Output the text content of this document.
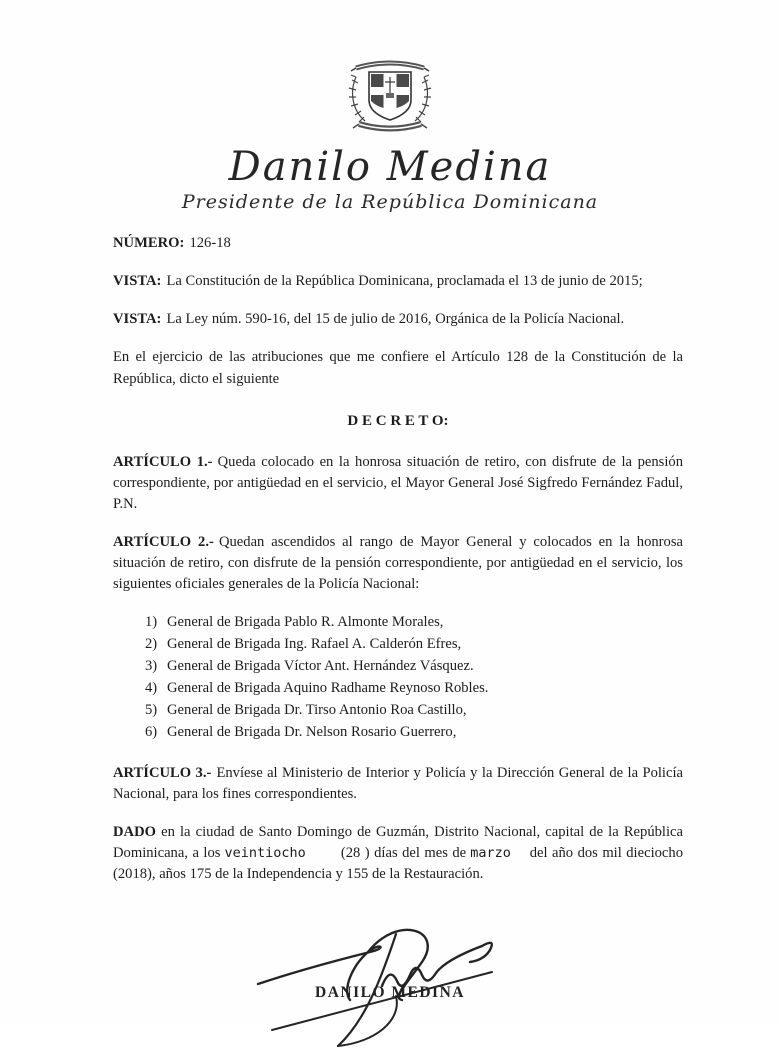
Danilo Medina
Presidente de la República Dominicana

NÚMERO: 126-18

VISTA: La Constitución de la República Dominicana, proclamada el 13 de junio de 2015;

VISTA: La Ley núm. 590-16, del 15 de julio de 2016, Orgánica de la Policía Nacional.

En el ejercicio de las atribuciones que me confiere el Artículo 128 de la Constitución de la República, dicto el siguiente

D E C R E T O:

ARTÍCULO 1.- Queda colocado en la honrosa situación de retiro, con disfrute de la pensión correspondiente, por antigüedad en el servicio, el Mayor General José Sigfredo Fernández Fadul, P.N.

ARTÍCULO 2.- Quedan ascendidos al rango de Mayor General y colocados en la honrosa situación de retiro, con disfrute de la pensión correspondiente, por antigüedad en el servicio, los siguientes oficiales generales de la Policía Nacional:

1) General de Brigada Pablo R. Almonte Morales,
2) General de Brigada Ing. Rafael A. Calderón Efres,
3) General de Brigada Víctor Ant. Hernández Vásquez.
4) General de Brigada Aquino Radhame Reynoso Robles.
5) General de Brigada Dr. Tirso Antonio Roa Castillo,
6) General de Brigada Dr. Nelson Rosario Guerrero,

ARTÍCULO 3.- Envíese al Ministerio de Interior y Policía y la Dirección General de la Policía Nacional, para los fines correspondientes.

DADO en la ciudad de Santo Domingo de Guzmán, Distrito Nacional, capital de la República Dominicana, a los veintiocho (28 ) días del mes de marzo del año dos mil dieciocho (2018), años 175 de la Independencia y 155 de la Restauración.

DANILO MEDINA
